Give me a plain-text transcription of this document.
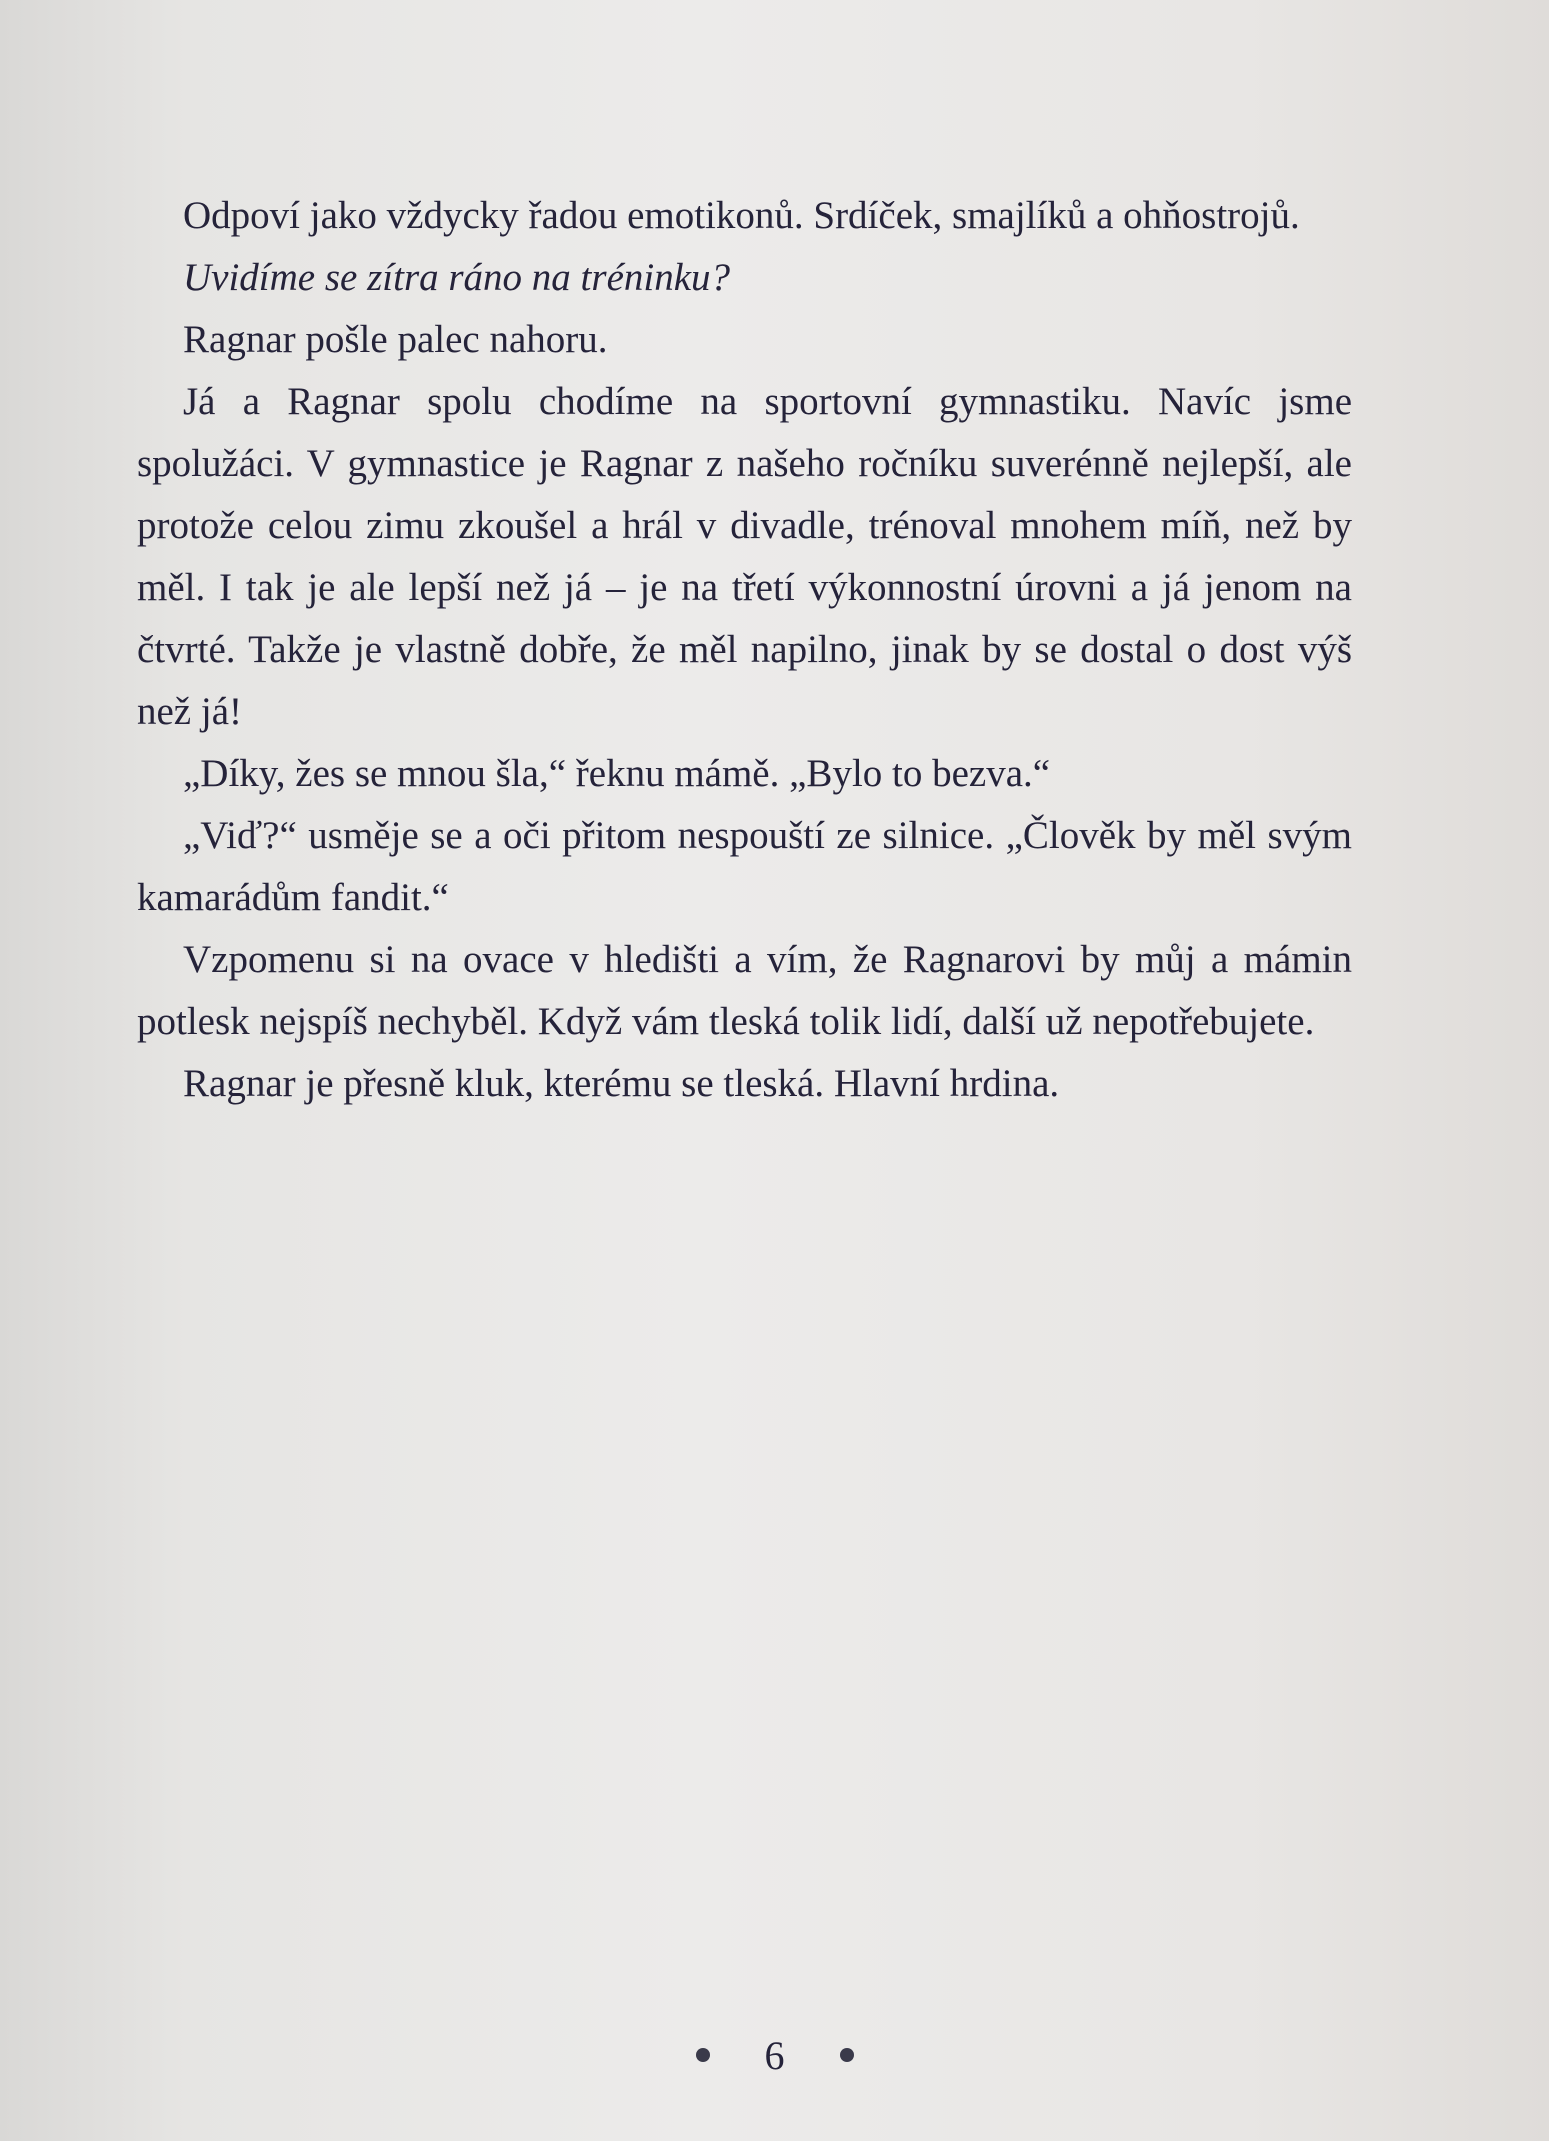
Odpoví jako vždycky řadou emotikonů. Srdíček, smajlíků a ohňostrojů.

Uvidíme se zítra ráno na tréninku?

Ragnar pošle palec nahoru.

Já a Ragnar spolu chodíme na sportovní gymnastiku. Navíc jsme spolužáci. V gymnastice je Ragnar z našeho ročníku suverénně nejlepší, ale protože celou zimu zkoušel a hrál v divadle, trénoval mnohem míň, než by měl. I tak je ale lepší než já – je na třetí výkonnostní úrovni a já jenom na čtvrté. Takže je vlastně dobře, že měl napilno, jinak by se dostal o dost výš než já!

„Díky, žes se mnou šla,“ řeknu mámě. „Bylo to bezva.“

„Viď?“ usměje se a oči přitom nespouští ze silnice. „Člověk by měl svým kamarádům fandit.“

Vzpomenu si na ovace v hledišti a vím, že Ragnarovi by můj a mámin potlesk nejspíš nechyběl. Když vám tleská tolik lidí, další už nepotřebujete.

Ragnar je přesně kluk, kterému se tleská. Hlavní hrdina.

6
